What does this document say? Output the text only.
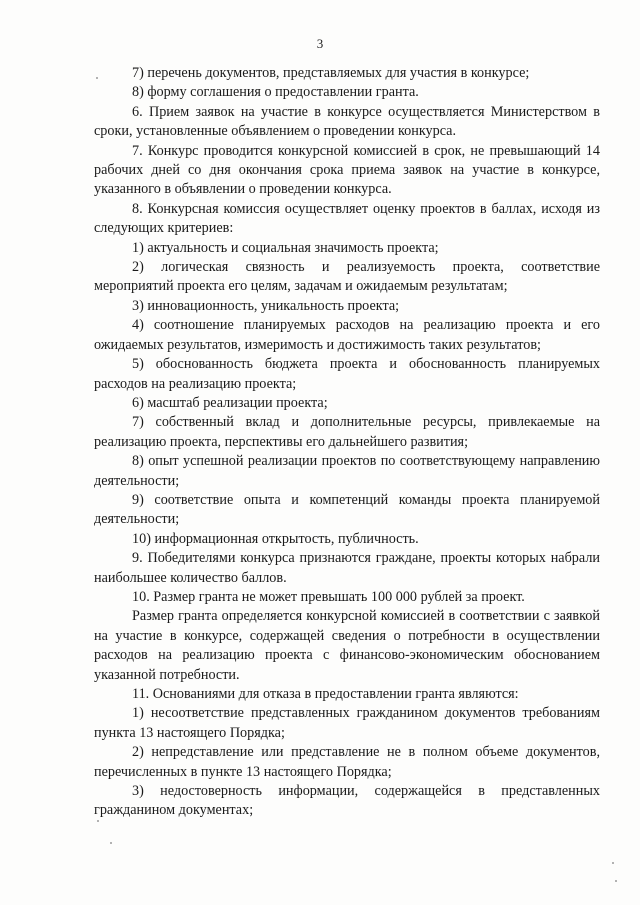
3

7) перечень документов, представляемых для участия в конкурсе;

8) форму соглашения о предоставлении гранта.

6. Прием заявок на участие в конкурсе осуществляется Министерством в сроки, установленные объявлением о проведении конкурса.

7. Конкурс проводится конкурсной комиссией в срок, не превышающий 14 рабочих дней со дня окончания срока приема заявок на участие в конкурсе, указанного в объявлении о проведении конкурса.

8. Конкурсная комиссия осуществляет оценку проектов в баллах, исходя из следующих критериев:

1) актуальность и социальная значимость проекта;

2) логическая связность и реализуемость проекта, соответствие мероприятий проекта его целям, задачам и ожидаемым результатам;

3) инновационность, уникальность проекта;

4) соотношение планируемых расходов на реализацию проекта и его ожидаемых результатов, измеримость и достижимость таких результатов;

5) обоснованность бюджета проекта и обоснованность планируемых расходов на реализацию проекта;

6) масштаб реализации проекта;

7) собственный вклад и дополнительные ресурсы, привлекаемые на реализацию проекта, перспективы его дальнейшего развития;

8) опыт успешной реализации проектов по соответствующему направлению деятельности;

9) соответствие опыта и компетенций команды проекта планируемой деятельности;

10) информационная открытость, публичность.

9. Победителями конкурса признаются граждане, проекты которых набрали наибольшее количество баллов.

10. Размер гранта не может превышать 100 000 рублей за проект.

Размер гранта определяется конкурсной комиссией в соответствии с заявкой на участие в конкурсе, содержащей сведения о потребности в осуществлении расходов на реализацию проекта с финансово-экономическим обоснованием указанной потребности.

11. Основаниями для отказа в предоставлении гранта являются:

1) несоответствие представленных гражданином документов требованиям пункта 13 настоящего Порядка;

2) непредставление или представление не в полном объеме документов, перечисленных в пункте 13 настоящего Порядка;

3) недостоверность информации, содержащейся в представленных гражданином документах;
